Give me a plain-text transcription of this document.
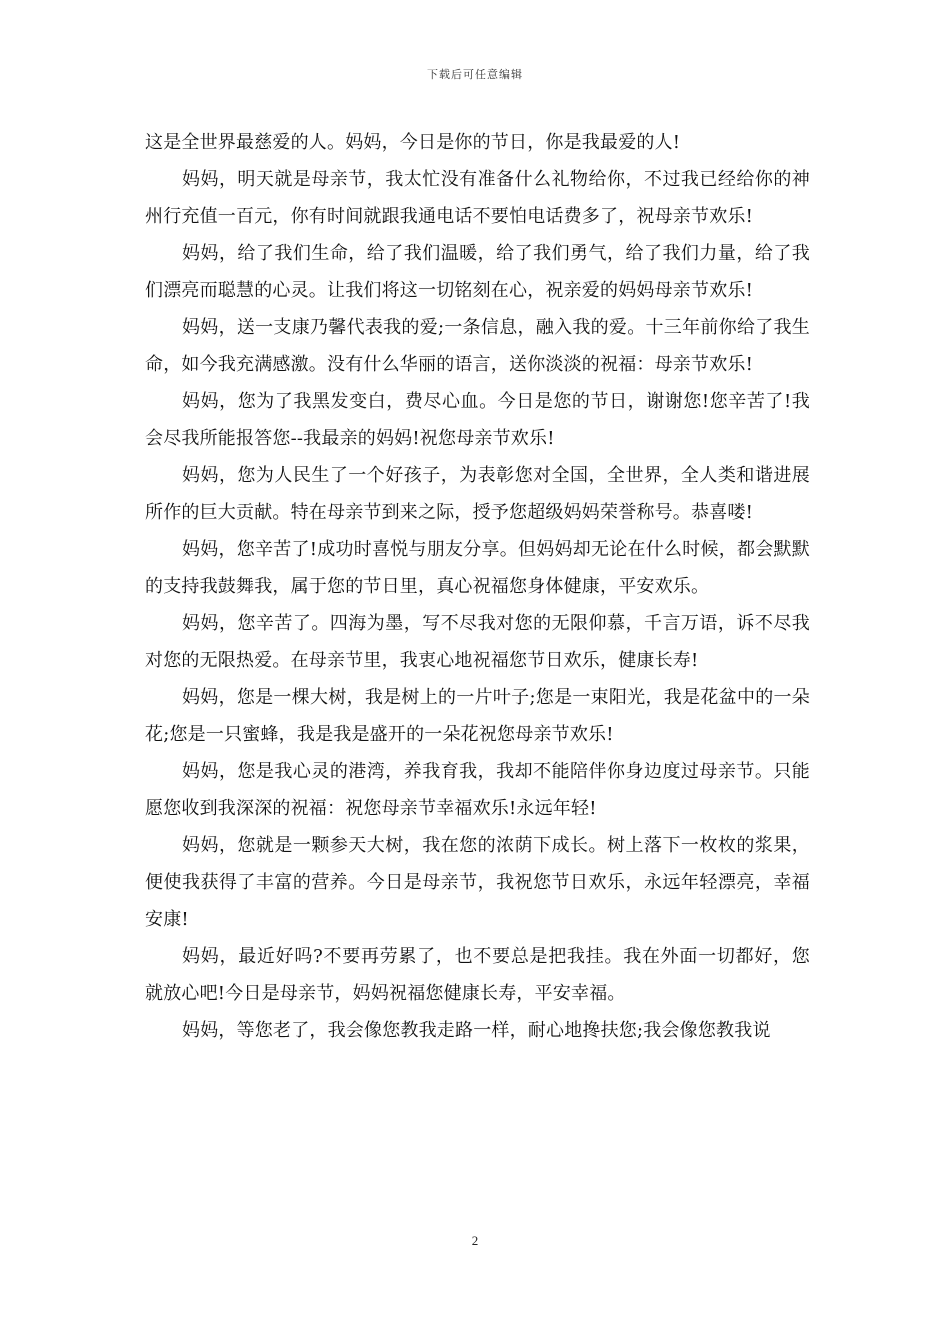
下载后可任意编辑

这是全世界最慈爱的人。妈妈，今日是你的节日，你是我最爱的人!

妈妈，明天就是母亲节，我太忙没有准备什么礼物给你，不过我已经给你的神州行充值一百元，你有时间就跟我通电话不要怕电话费多了，祝母亲节欢乐!

妈妈，给了我们生命，给了我们温暖，给了我们勇气，给了我们力量，给了我们漂亮而聪慧的心灵。让我们将这一切铭刻在心，祝亲爱的妈妈母亲节欢乐!

妈妈，送一支康乃馨代表我的爱;一条信息，融入我的爱。十三年前你给了我生命，如今我充满感激。没有什么华丽的语言，送你淡淡的祝福：母亲节欢乐!

妈妈，您为了我黑发变白，费尽心血。今日是您的节日，谢谢您!您辛苦了!我会尽我所能报答您--我最亲的妈妈!祝您母亲节欢乐!

妈妈，您为人民生了一个好孩子，为表彰您对全国，全世界，全人类和谐进展所作的巨大贡献。特在母亲节到来之际，授予您超级妈妈荣誉称号。恭喜喽!

妈妈，您辛苦了!成功时喜悦与朋友分享。但妈妈却无论在什么时候，都会默默的支持我鼓舞我，属于您的节日里，真心祝福您身体健康，平安欢乐。

妈妈，您辛苦了。四海为墨，写不尽我对您的无限仰慕，千言万语，诉不尽我对您的无限热爱。在母亲节里，我衷心地祝福您节日欢乐，健康长寿!

妈妈，您是一棵大树，我是树上的一片叶子;您是一束阳光，我是花盆中的一朵花;您是一只蜜蜂，我是我是盛开的一朵花祝您母亲节欢乐!

妈妈，您是我心灵的港湾，养我育我，我却不能陪伴你身边度过母亲节。只能愿您收到我深深的祝福：祝您母亲节幸福欢乐!永远年轻!

妈妈，您就是一颗参天大树，我在您的浓荫下成长。树上落下一枚枚的浆果，便使我获得了丰富的营养。今日是母亲节，我祝您节日欢乐，永远年轻漂亮，幸福安康!

妈妈，最近好吗?不要再劳累了，也不要总是把我挂。我在外面一切都好，您就放心吧!今日是母亲节，妈妈祝福您健康长寿，平安幸福。

妈妈，等您老了，我会像您教我走路一样，耐心地搀扶您;我会像您教我说

2
